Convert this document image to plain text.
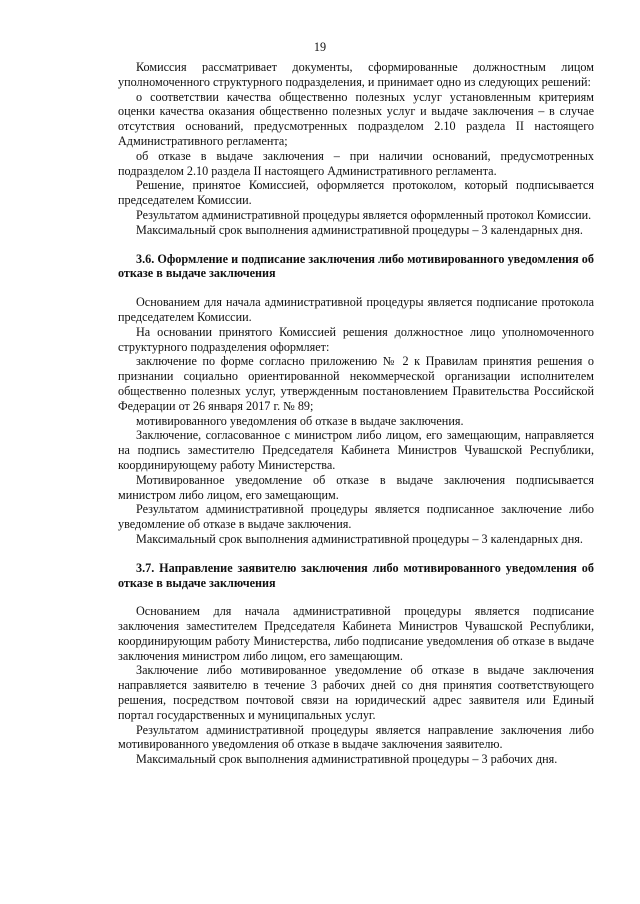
19

Комиссия рассматривает документы, сформированные должностным лицом уполномоченного структурного подразделения, и принимает одно из следующих решений:

о соответствии качества общественно полезных услуг установленным критериям оценки качества оказания общественно полезных услуг и выдаче заключения – в случае отсутствия оснований, предусмотренных подразделом 2.10 раздела II настоящего Административного регламента;

об отказе в выдаче заключения – при наличии оснований, предусмотренных подразделом 2.10 раздела II настоящего Административного регламента.

Решение, принятое Комиссией, оформляется протоколом, который подписывается председателем Комиссии.

Результатом административной процедуры является оформленный протокол Комиссии.

Максимальный срок выполнения административной процедуры – 3 календарных дня.

3.6. Оформление и подписание заключения либо мотивированного уведомления об отказе в выдаче заключения

Основанием для начала административной процедуры является подписание протокола председателем Комиссии.

На основании принятого Комиссией решения должностное лицо уполномоченного структурного подразделения оформляет:

заключение по форме согласно приложению № 2 к Правилам принятия решения о признании социально ориентированной некоммерческой организации исполнителем общественно полезных услуг, утвержденным постановлением Правительства Российской Федерации от 26 января 2017 г. № 89;

мотивированного уведомления об отказе в выдаче заключения.

Заключение, согласованное с министром либо лицом, его замещающим, направляется на подпись заместителю Председателя Кабинета Министров Чувашской Республики, координирующему работу Министерства.

Мотивированное уведомление об отказе в выдаче заключения подписывается министром либо лицом, его замещающим.

Результатом административной процедуры является подписанное заключение либо уведомление об отказе в выдаче заключения.

Максимальный срок выполнения административной процедуры – 3 календарных дня.

3.7. Направление заявителю заключения либо мотивированного уведомления об отказе в выдаче заключения

Основанием для начала административной процедуры является подписание заключения заместителем Председателя Кабинета Министров Чувашской Республики, координирующим работу Министерства, либо подписание уведомления об отказе в выдаче заключения министром либо лицом, его замещающим.

Заключение либо мотивированное уведомление об отказе в выдаче заключения направляется заявителю в течение 3 рабочих дней со дня принятия соответствующего решения, посредством почтовой связи на юридический адрес заявителя или Единый портал государственных и муниципальных услуг.

Результатом административной процедуры является направление заключения либо мотивированного уведомления об отказе в выдаче заключения заявителю.

Максимальный срок выполнения административной процедуры – 3 рабочих дня.
